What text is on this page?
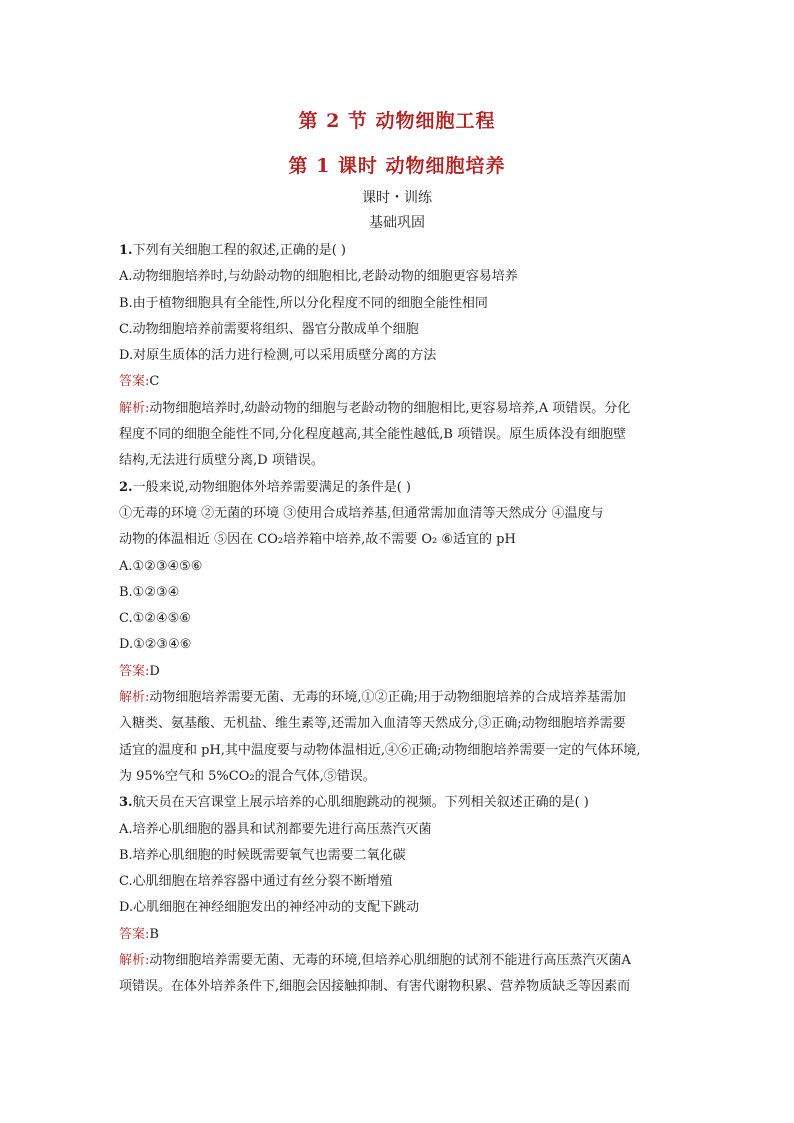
第 2 节 动物细胞工程
第 1 课时 动物细胞培养
课时・训练
基础巩固
1.下列有关细胞工程的叙述,正确的是( )
A.动物细胞培养时,与幼龄动物的细胞相比,老龄动物的细胞更容易培养
B.由于植物细胞具有全能性,所以分化程度不同的细胞全能性相同
C.动物细胞培养前需要将组织、器官分散成单个细胞
D.对原生质体的活力进行检测,可以采用质壁分离的方法
答案:C
解析:动物细胞培养时,幼龄动物的细胞与老龄动物的细胞相比,更容易培养,A 项错误。分化
程度不同的细胞全能性不同,分化程度越高,其全能性越低,B 项错误。原生质体没有细胞壁
结构,无法进行质壁分离,D 项错误。
2.一般来说,动物细胞体外培养需要满足的条件是( )
①无毒的环境 ②无菌的环境 ③使用合成培养基,但通常需加血清等天然成分 ④温度与
动物的体温相近 ⑤因在 CO₂培养箱中培养,故不需要 O₂ ⑥适宜的 pH
A.①②③④⑤⑥
B.①②③④
C.①②④⑤⑥
D.①②③④⑥
答案:D
解析:动物细胞培养需要无菌、无毒的环境,①②正确;用于动物细胞培养的合成培养基需加
入糖类、氨基酸、无机盐、维生素等,还需加入血清等天然成分,③正确;动物细胞培养需要
适宜的温度和 pH,其中温度要与动物体温相近,④⑥正确;动物细胞培养需要一定的气体环境,
为 95%空气和 5%CO₂的混合气体,⑤错误。
3.航天员在天宫课堂上展示培养的心肌细胞跳动的视频。下列相关叙述正确的是( )
A.培养心肌细胞的器具和试剂都要先进行高压蒸汽灭菌
B.培养心肌细胞的时候既需要氧气也需要二氧化碳
C.心肌细胞在培养容器中通过有丝分裂不断增殖
D.心肌细胞在神经细胞发出的神经冲动的支配下跳动
答案:B
解析:动物细胞培养需要无菌、无毒的环境,但培养心肌细胞的试剂不能进行高压蒸汽灭菌A
项错误。在体外培养条件下,细胞会因接触抑制、有害代谢物积累、营养物质缺乏等因素而
